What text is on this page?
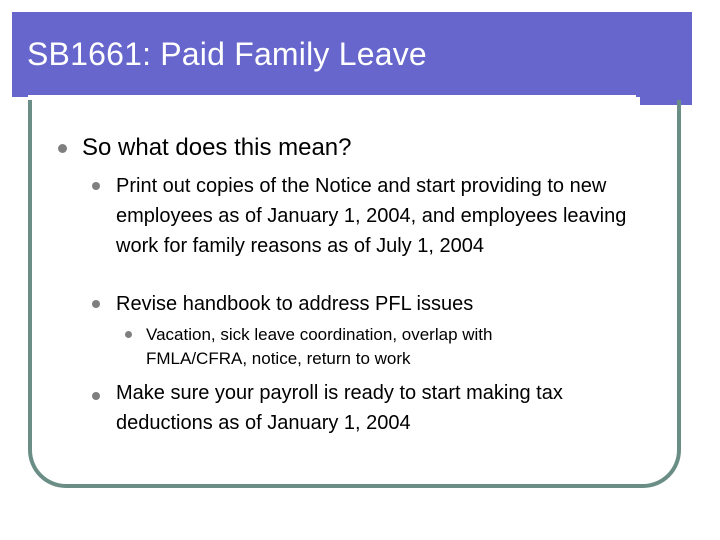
SB1661: Paid Family Leave
So what does this mean?
Print out copies of the Notice and start providing to new employees as of January 1, 2004, and employees leaving work for family reasons as of July 1, 2004
Revise handbook to address PFL issues
Vacation, sick leave coordination, overlap with FMLA/CFRA, notice, return to work
Make sure your payroll is ready to start making tax deductions as of January 1, 2004
